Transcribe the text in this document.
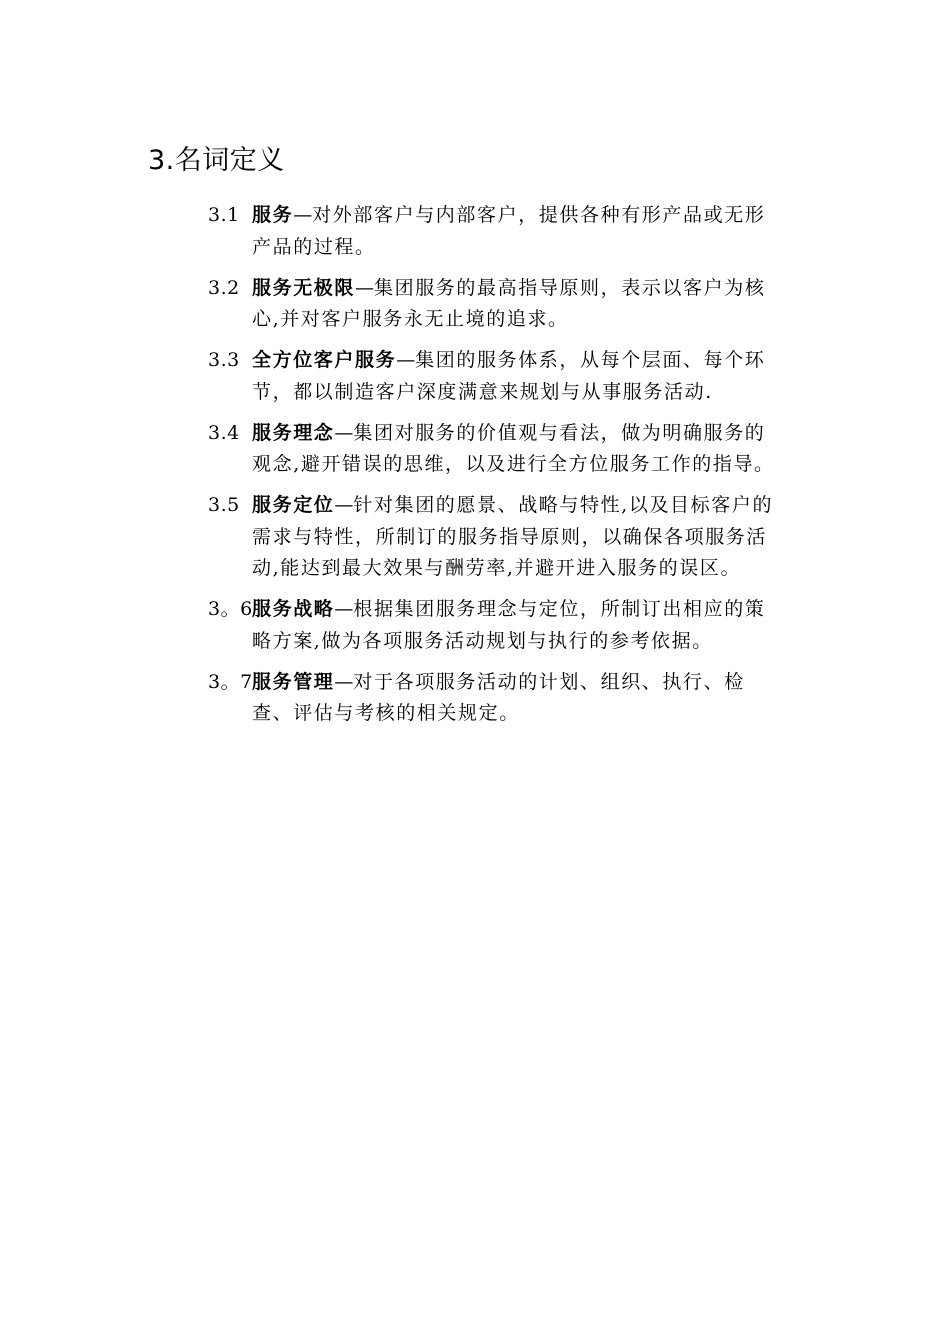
3.名词定义
3.1 服务—对外部客户与内部客户，提供各种有形产品或无形产品的过程。
3.2 服务无极限—集团服务的最高指导原则，表示以客户为核心,并对客户服务永无止境的追求。
3.3 全方位客户服务—集团的服务体系，从每个层面、每个环节，都以制造客户深度满意来规划与从事服务活动.
3.4 服务理念—集团对服务的价值观与看法，做为明确服务的观念,避开错误的思维，以及进行全方位服务工作的指导。
3.5 服务定位—针对集团的愿景、战略与特性,以及目标客户的需求与特性，所制订的服务指导原则，以确保各项服务活动,能达到最大效果与酬劳率,并避开进入服务的误区。
3。6 服务战略—根据集团服务理念与定位，所制订出相应的策略方案,做为各项服务活动规划与执行的参考依据。
3。7 服务管理—对于各项服务活动的计划、组织、执行、检查、评估与考核的相关规定。
